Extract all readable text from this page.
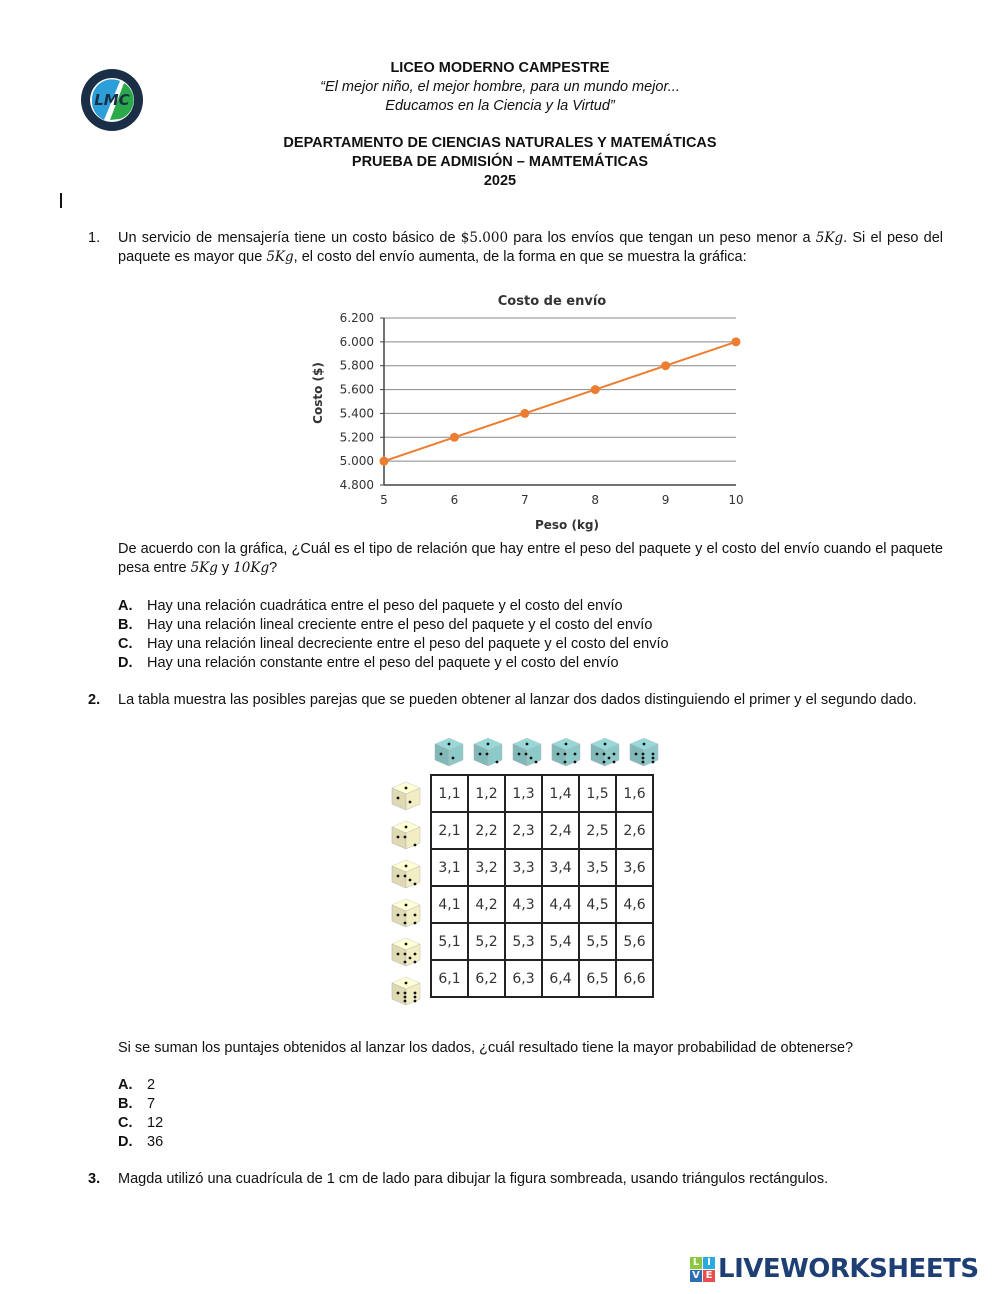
LMC
LICEO MODERNO CAMPESTRE
“El mejor niño, el mejor hombre, para un mundo mejor...
Educamos en la Ciencia y la Virtud”
DEPARTAMENTO DE CIENCIAS NATURALES Y MATEMÁTICAS
PRUEBA DE ADMISIÓN – MAMTEMÁTICAS
2025
1. Un servicio de mensajería tiene un costo básico de $5.000 para los envíos que tengan un peso menor a 5Kg. Si el peso del paquete es mayor que 5Kg, el costo del envío aumenta, de la forma en que se muestra la gráfica:
Costo de envío
4.800
5.000
5.200
5.400
5.600
5.800
6.000
6.200
5	6	7	8	9	10
Costo ($)
Peso (kg)
De acuerdo con la gráfica, ¿Cuál es el tipo de relación que hay entre el peso del paquete y el costo del envío cuando el paquete pesa entre 5Kg y 10Kg?
A.	Hay una relación cuadrática entre el peso del paquete y el costo del envío
B.	Hay una relación lineal creciente entre el peso del paquete y el costo del envío
C.	Hay una relación lineal decreciente entre el peso del paquete y el costo del envío
D.	Hay una relación constante entre el peso del paquete y el costo del envío
2. La tabla muestra las posibles parejas que se pueden obtener al lanzar dos dados distinguiendo el primer y el segundo dado.
1,1	1,2	1,3	1,4	1,5	1,6
2,1	2,2	2,3	2,4	2,5	2,6
3,1	3,2	3,3	3,4	3,5	3,6
4,1	4,2	4,3	4,4	4,5	4,6
5,1	5,2	5,3	5,4	5,5	5,6
6,1	6,2	6,3	6,4	6,5	6,6
Si se suman los puntajes obtenidos al lanzar los dados, ¿cuál resultado tiene la mayor probabilidad de obtenerse?
A.	2
B.	7
C.	12
D.	36
3. Magda utilizó una cuadrícula de 1 cm de lado para dibujar la figura sombreada, usando triángulos rectángulos.
L I
V E LIVEWORKSHEETS
